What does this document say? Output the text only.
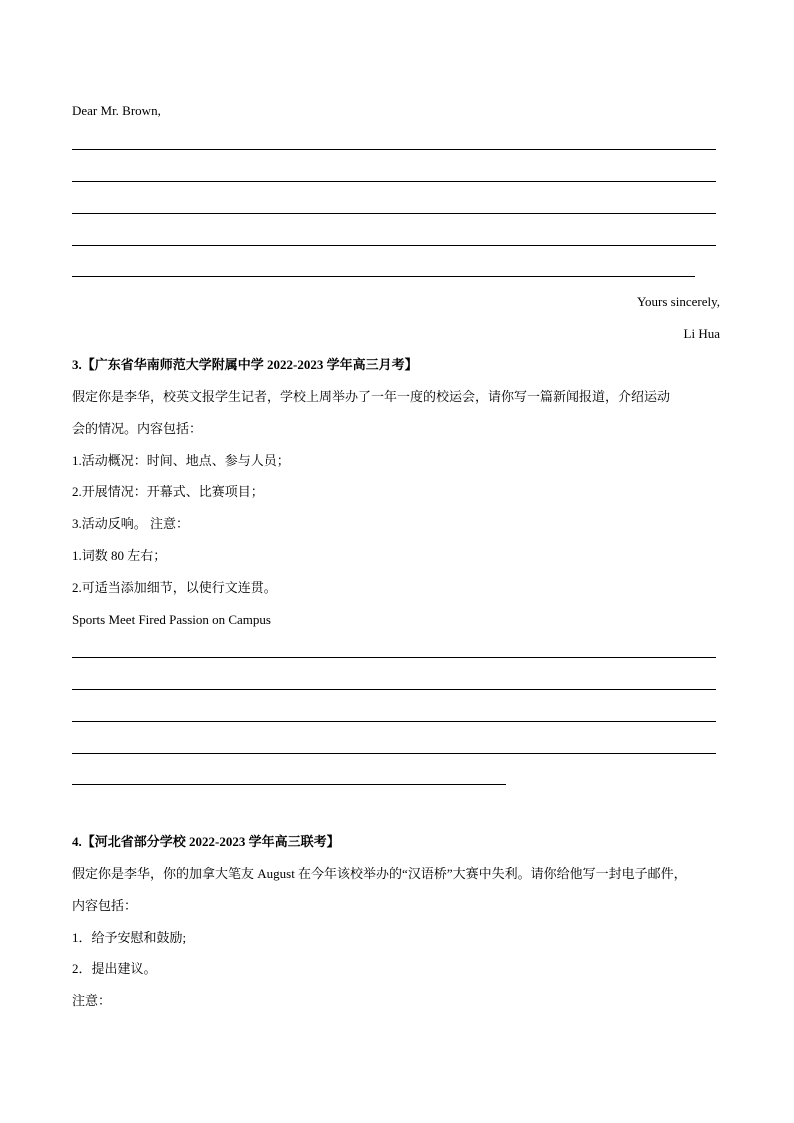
Dear Mr. Brown,

Yours sincerely,

Li Hua

3.【广东省华南师范大学附属中学 2022-2023 学年高三月考】

假定你是李华，校英文报学生记者，学校上周举办了一年一度的校运会，请你写一篇新闻报道，介绍运动

会的情况。内容包括：

1.活动概况：时间、地点、参与人员；

2.开展情况：开幕式、比赛项目；

3.活动反响。 注意：

1.词数 80 左右；

2.可适当添加细节，以使行文连贯。

Sports Meet Fired Passion on Campus

4.【河北省部分学校 2022-2023 学年高三联考】

假定你是李华，你的加拿大笔友 August 在今年该校举办的“汉语桥”大赛中失利。请你给他写一封电子邮件，

内容包括：

1．给予安慰和鼓励;

2．提出建议。

注意：
